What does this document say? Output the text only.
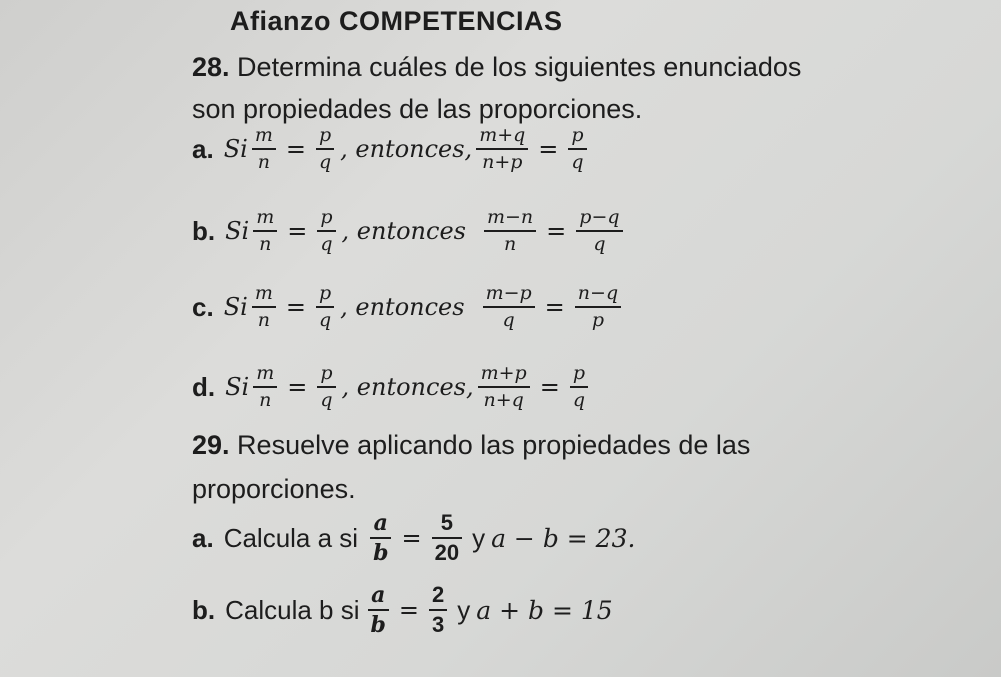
Afianzo COMPETENCIAS
28. Determina cuáles de los siguientes enunciados
son propiedades de las proporciones.
a. Si $\frac{m}{n} = \frac{p}{q}$ , entonces, $\frac{m+q}{n+p} = \frac{p}{q}$
b. Si $\frac{m}{n} = \frac{p}{q}$ , entonces $\frac{m-n}{n} = \frac{p-q}{q}$
c. Si $\frac{m}{n} = \frac{p}{q}$ , entonces $\frac{m-p}{q} = \frac{n-q}{p}$
d. Si $\frac{m}{n} = \frac{p}{q}$ , entonces, $\frac{m+p}{n+q} = \frac{p}{q}$
29. Resuelve aplicando las propiedades de las
proporciones.
a. Calcula a si $\frac{a}{b} = \frac{5}{20}$ y a − b = 23.
b. Calcula b si $\frac{a}{b} = \frac{2}{3}$ y a + b = 15
